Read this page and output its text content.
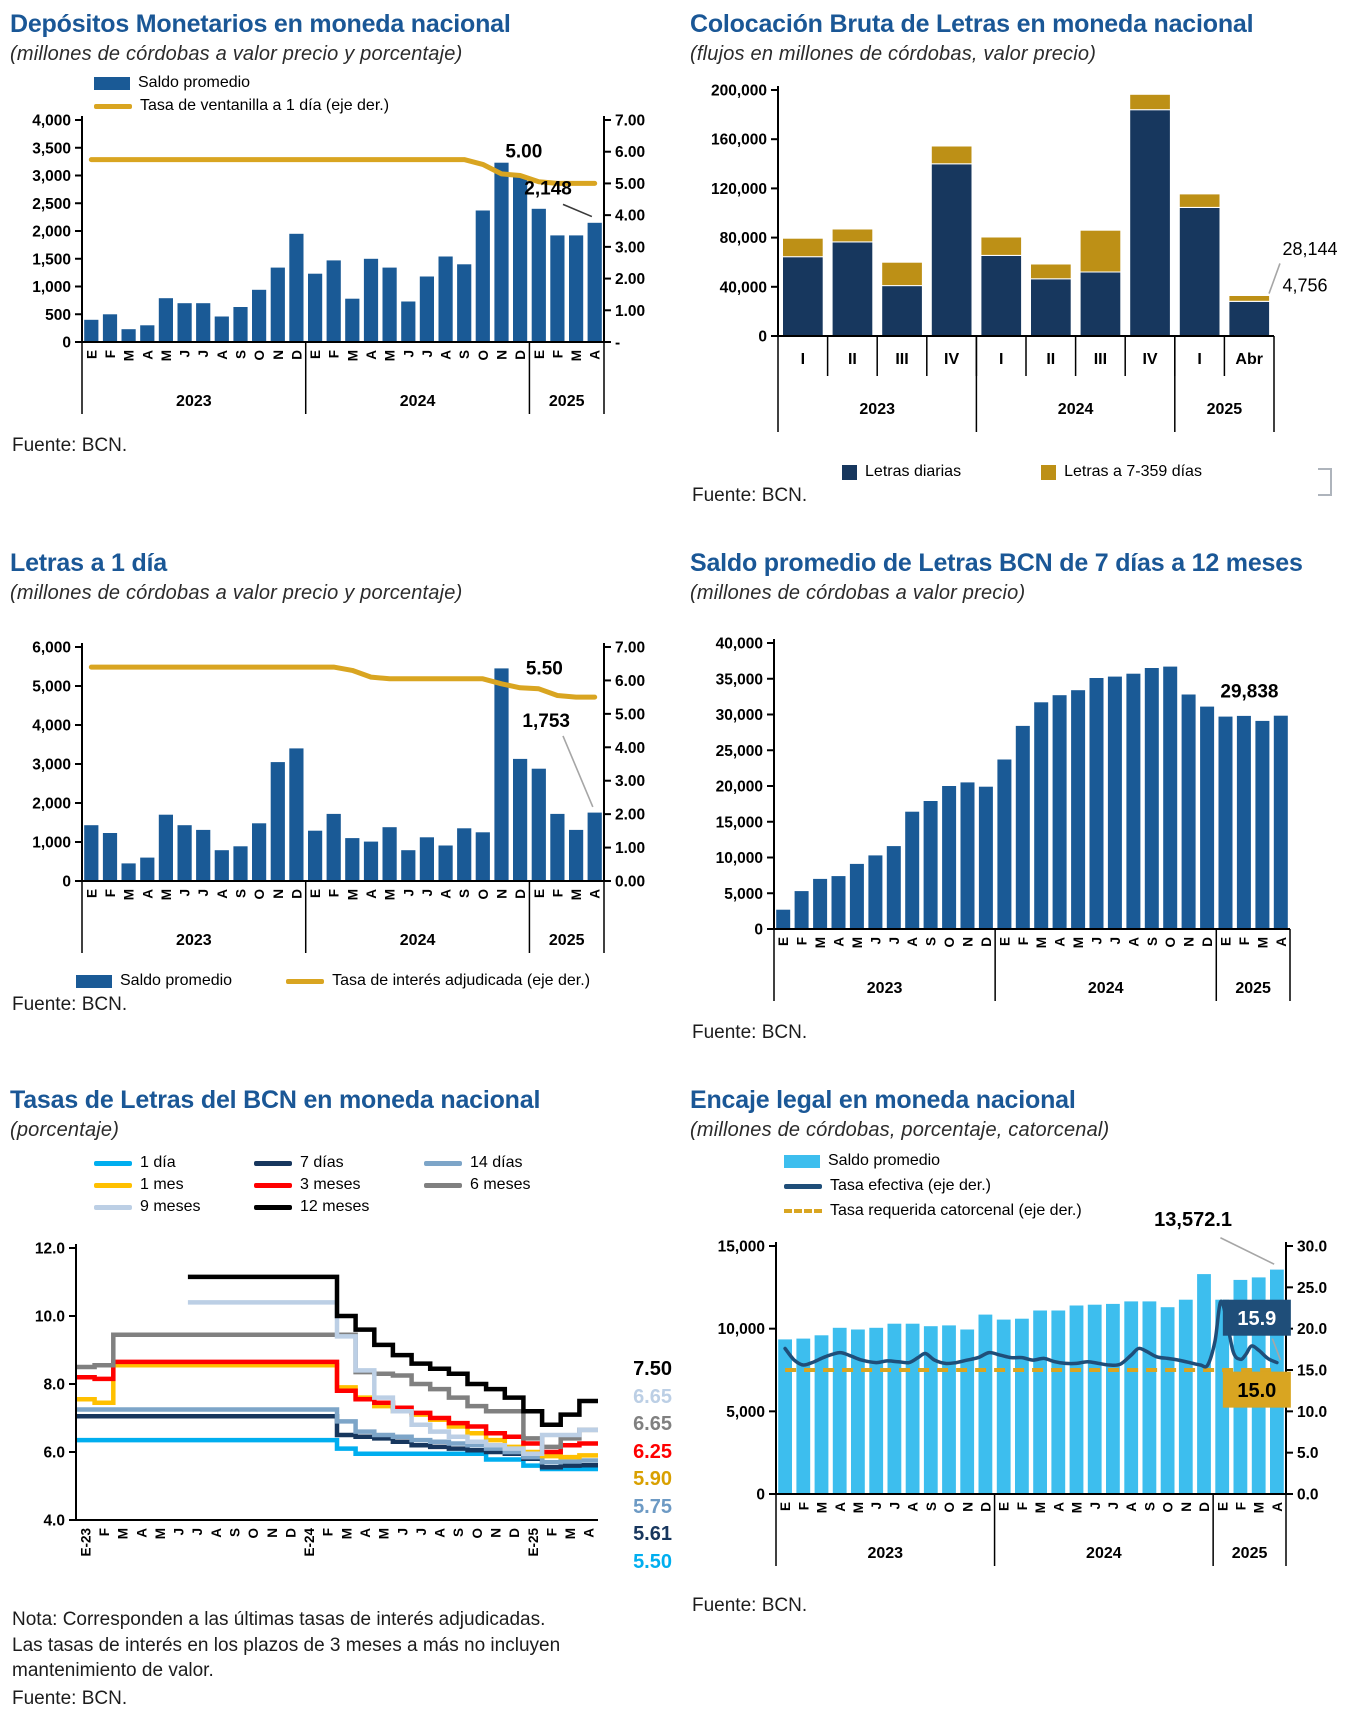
Depósitos Monetarios en moneda nacional

(millones de córdobas a valor precio y porcentaje)

Saldo promedio
Tasa de ventanilla a 1 día (eje der.)
0
500
1,000
1,500
2,000
2,500
3,000
3,500
4,000
-
1.00
2.00
3.00
4.00
5.00
6.00
7.00
E F M A M J J A S O N D E F M A M J J A S O N D E F M A
2023	2024	2025
5.00
2,148

Fuente: BCN.

Colocación Bruta de Letras en moneda nacional

(flujos en millones de córdobas, valor precio)

0
40,000
80,000
120,000
160,000
200,000
I	II III IV I	II III IV I Abr
2023	2024	2025
28,144
4,756
Letras diarias	Letras a 7-359 días

Fuente: BCN.

Letras a 1 día

(millones de córdobas a valor precio y porcentaje)

0
1,000
2,000
3,000
4,000
5,000
6,000
0.00
1.00
2.00
3.00
4.00
5.00
6.00
7.00
E F M A M J J A S O N D E F M A M J J A S O N D E F M A
2023	2024	2025
5.50
1,753
Saldo promedio	Tasa de interés adjudicada (eje der.)

Fuente: BCN.

Saldo promedio de Letras BCN de 7 días a 12 meses

(millones de córdobas a valor precio)

0
5,000
10,000
15,000
20,000
25,000
30,000
35,000
40,000
E F M A M J J A S O N D E F M A M J J A S O N D E F M A
2023	2024	2025
29,838

Fuente: BCN.

Tasas de Letras del BCN en moneda nacional

(porcentaje)

1 día	7 días	14 días
1 mes	3 meses	6 meses
9 meses	12 meses
7.50
6.65
6.65
6.25
5.90
5.75
5.61
5.50
4.0
6.0
8.0
10.0
12.0
E-23 F M A M J J A S O N D E-24 F M A M J J A S O N D E-25 F M A

Nota: Corresponden a las últimas tasas de interés adjudicadas.

Las tasas de interés en los plazos de 3 meses a más no incluyen

mantenimiento de valor.

Fuente: BCN.

Encaje legal en moneda nacional

(millones de córdobas, porcentaje, catorcenal)

Saldo promedio
Tasa efectiva (eje der.)
Tasa requerida catorcenal (eje der.)
0
5,000
10,000
15,000
0.0
5.0
10.0
15.0
20.0
25.0
30.0
E F M A M J J A S O N D E F M A M J J A S O N D E F M A
2023	2024	2025
13,572.1
15.9
15.0

Fuente: BCN.
